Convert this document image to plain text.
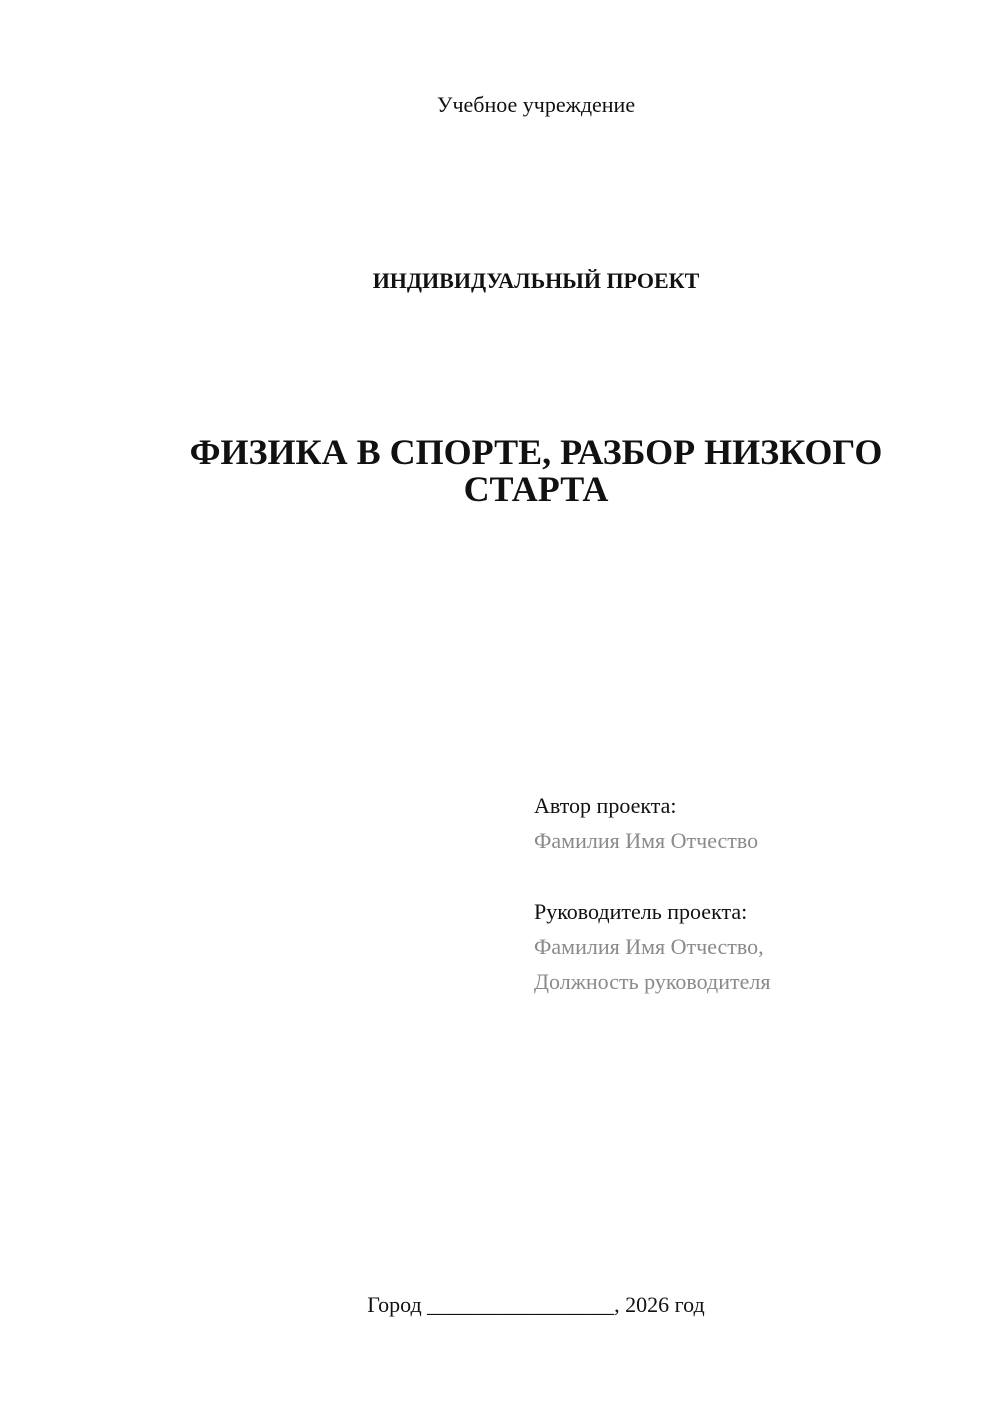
Учебное учреждение
ИНДИВИДУАЛЬНЫЙ ПРОЕКТ
ФИЗИКА В СПОРТЕ, РАЗБОР НИЗКОГО
СТАРТА
Автор проекта:
Фамилия Имя Отчество
Руководитель проекта:
Фамилия Имя Отчество,
Должность руководителя
Город _________________, 2026 год
